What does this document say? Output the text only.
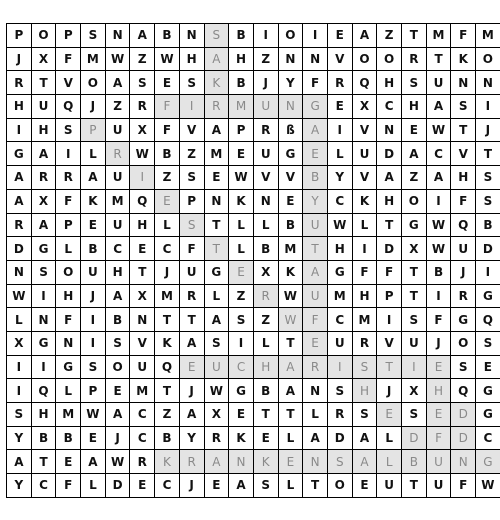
P	O	P	S	N	A	B	N	S	B	I	O	I	E	A	Z	T	M	F	M
J	X	F	M	W	Z	W	H	A	H	Z	N	N	V	O	O	R	T	K	O
R	T	V	O	A	S	E	S	K	B	J	Y	F	R	Q	H	S	U	N	N
H	U	Q	J	Z	R	F	I	R	M	U	N	G	E	X	C	H	A	S	I
I	H	S	P	U	X	F	V	A	P	R	ß	A	I	V	N	E	W	T	J
G	A	I	L	R	W	B	Z	M	E	U	G	E	L	U	D	A	C	V	T
A	R	R	A	U	I	Z	S	E	W	V	V	B	Y	V	A	Z	A	H	S
A	X	F	K	M	Q	E	P	N	K	N	E	Y	C	K	H	O	I	F	S
R	A	P	E	U	H	L	S	T	L	L	B	U	W	L	T	G	W	Q	B
D	G	L	B	C	E	C	F	T	L	B	M	T	H	I	D	X	W	U	D
N	S	O	U	H	T	J	U	G	E	X	K	A	G	F	F	T	B	J	I
W	I	H	J	A	X	M	R	L	Z	R	W	U	M	H	P	T	I	R	G
L	N	F	I	B	N	T	T	A	S	Z	W	F	C	M	I	S	F	G	Q
X	G	N	I	S	V	K	A	S	I	L	T	E	U	R	V	U	J	O	S
I	I	G	S	O	U	Q	E	U	C	H	A	R	I	S	T	I	E	S	E
I	Q	L	P	E	M	T	J	W	G	B	A	N	S	H	J	X	H	Q	G
S	H	M	W	A	C	Z	A	X	E	T	T	L	R	S	E	S	E	D	G
Y	B	B	E	J	C	B	Y	R	K	E	L	A	D	A	L	D	F	D	C
A	T	E	A	W	R	K	R	A	N	K	E	N	S	A	L	B	U	N	G
Y	C	F	L	D	E	C	J	E	A	S	L	T	O	E	U	T	U	F	W
